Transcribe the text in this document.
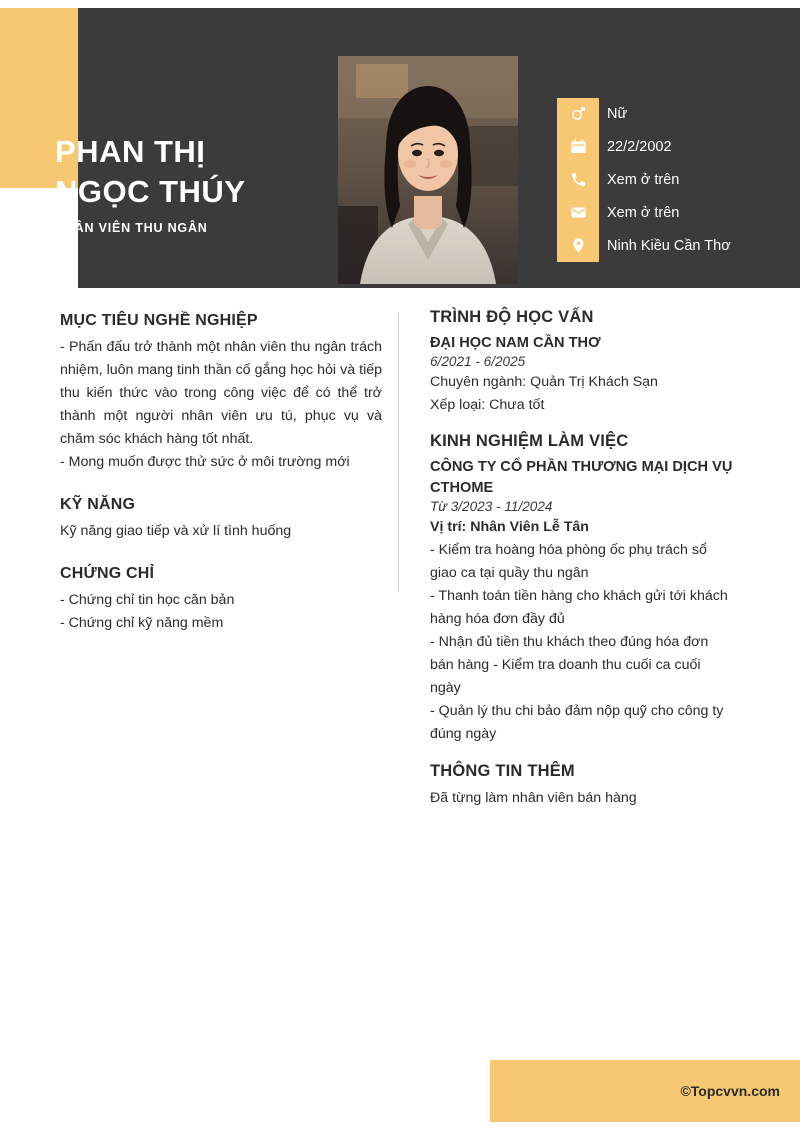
PHAN THỊ
NGỌC THÚY
NHÂN VIÊN THU NGÂN
Nữ
22/2/2002
Xem ở trên
Xem ở trên
Ninh Kiều Cần Thơ
MỤC TIÊU NGHỀ NGHIỆP

- Phấn đấu trở thành một nhân viên thu ngân trách nhiệm, luôn mang tinh thần cố gắng học hỏi và tiếp thu kiến thức vào trong công việc để có thể trở thành một người nhân viên ưu tú, phục vụ và chăm sóc khách hàng tốt nhất.

- Mong muốn được thử sức ở môi trường mới

KỸ NĂNG

Kỹ năng giao tiếp và xử lí tình huống

CHỨNG CHỈ

- Chứng chỉ tin học căn bản

- Chứng chỉ kỹ năng mềm

TRÌNH ĐỘ HỌC VẤN

ĐẠI HỌC NAM CẦN THƠ

6/2021 - 6/2025

Chuyên ngành: Quản Trị Khách Sạn

Xếp loại: Chưa tốt

KINH NGHIỆM LÀM VIỆC

CÔNG TY CỔ PHẦN THƯƠNG MẠI DỊCH VỤ CTHOME

Từ 3/2023 - 11/2024

Vị trí: Nhân Viên Lễ Tân

- Kiểm tra hoàng hóa phòng ốc phụ trách sổ giao ca tại quầy thu ngân

- Thanh toán tiền hàng cho khách gửi tới khách hàng hóa đơn đầy đủ

- Nhận đủ tiền thu khách theo đúng hóa đơn bán hàng - Kiểm tra doanh thu cuối ca cuối ngày

- Quản lý thu chi bảo đảm nộp quỹ cho công ty đúng ngày

THÔNG TIN THÊM

Đã từng làm nhân viên bán hàng

©Topcvvn.com
